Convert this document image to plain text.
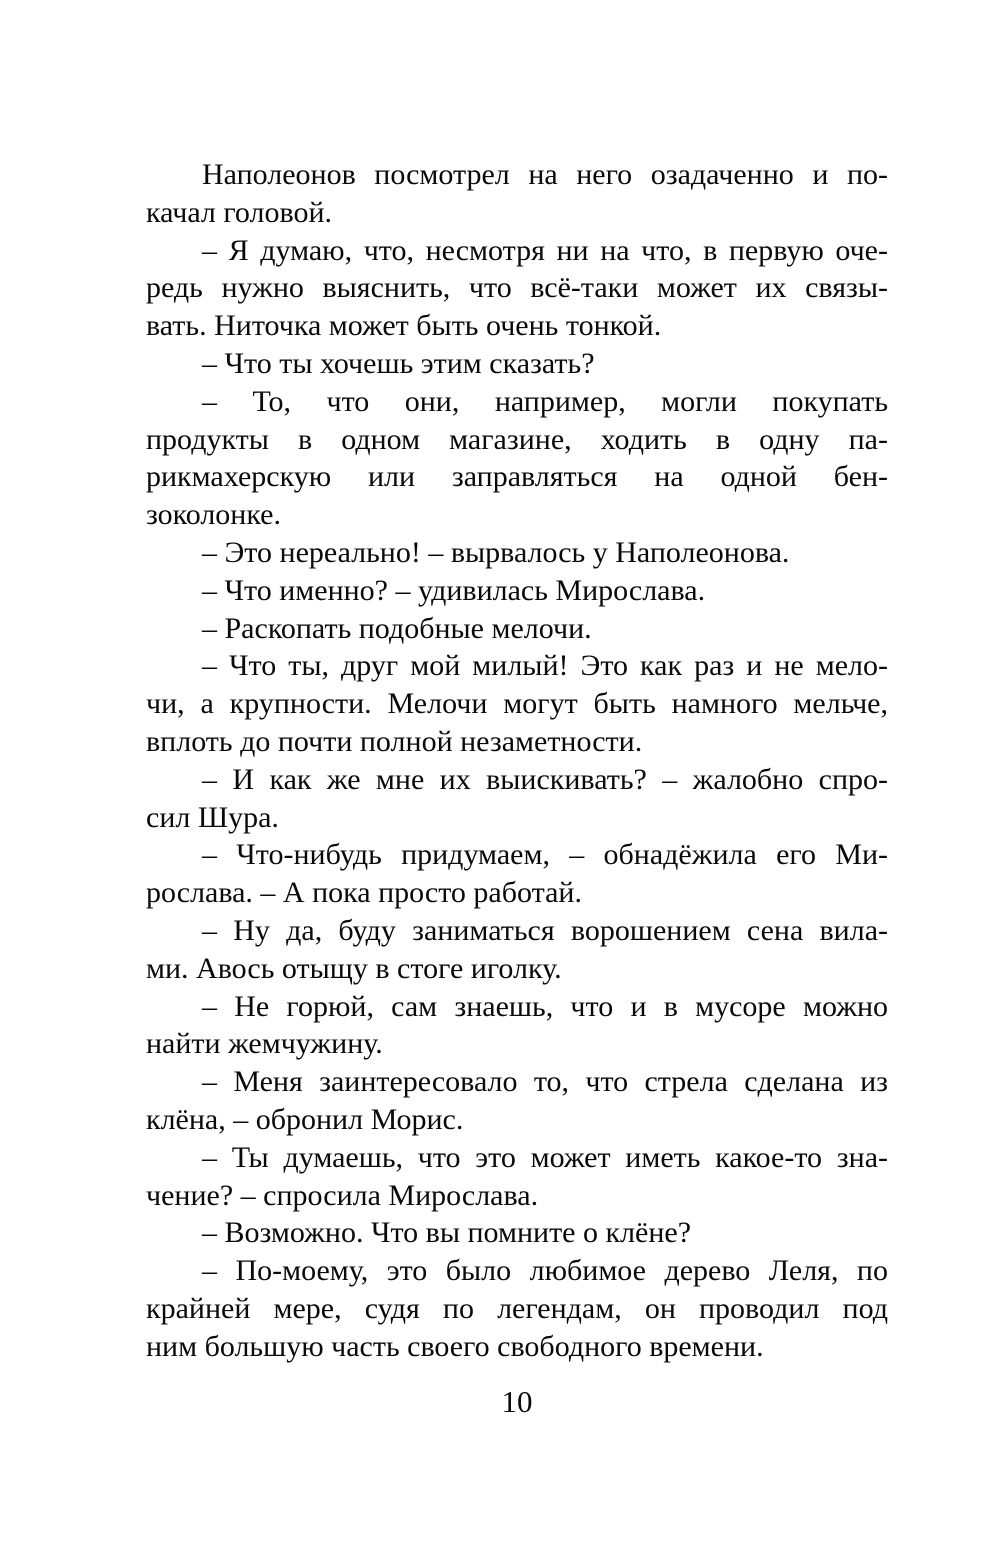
Наполеонов посмотрел на него озадаченно и по-
качал головой.
– Я думаю, что, несмотря ни на что, в первую оче-
редь нужно выяснить, что всё-таки может их связы-
вать. Ниточка может быть очень тонкой.
– Что ты хочешь этим сказать?
– То, что они, например, могли покупать
продукты в одном магазине, ходить в одну па-
рикмахерскую или заправляться на одной бен-
зоколонке.
– Это нереально! – вырвалось у Наполеонова.
– Что именно? – удивилась Мирослава.
– Раскопать подобные мелочи.
– Что ты, друг мой милый! Это как раз и не мело-
чи, а крупности. Мелочи могут быть намного мельче,
вплоть до почти полной незаметности.
– И как же мне их выискивать? – жалобно спро-
сил Шура.
– Что-нибудь придумаем, – обнадёжила его Ми-
рослава. – А пока просто работай.
– Ну да, буду заниматься ворошением сена вила-
ми. Авось отыщу в стоге иголку.
– Не горюй, сам знаешь, что и в мусоре можно
найти жемчужину.
– Меня заинтересовало то, что стрела сделана из
клёна, – обронил Морис.
– Ты думаешь, что это может иметь какое-то зна-
чение? – спросила Мирослава.
– Возможно. Что вы помните о клёне?
– По-моему, это было любимое дерево Леля, по
крайней мере, судя по легендам, он проводил под
ним большую часть своего свободного времени.
10
